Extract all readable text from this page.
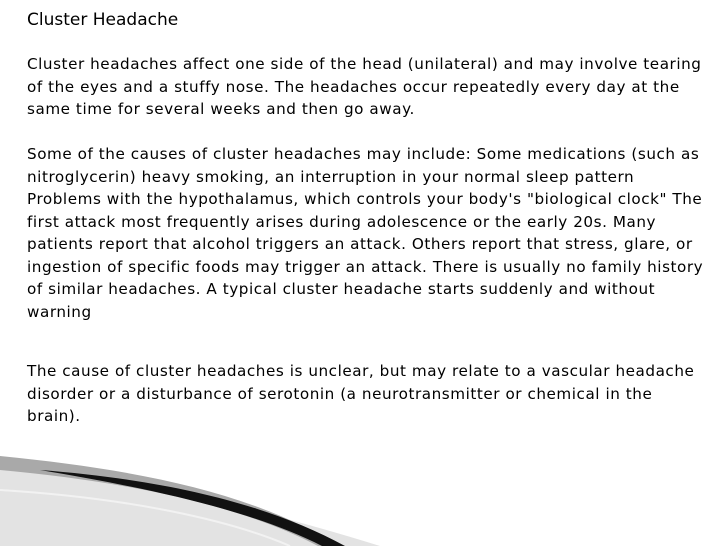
Cluster Headache

Cluster headaches affect one side of the head (unilateral) and may involve tearing of the eyes and a stuffy nose. The headaches occur repeatedly every day at the same time for several weeks and then go away.

Some of the causes of cluster headaches may include: Some medications (such as nitroglycerin) heavy smoking, an interruption in your normal sleep pattern Problems with the hypothalamus, which controls your body's "biological clock" The first attack most frequently arises during adolescence or the early 20s. Many patients report that alcohol triggers an attack. Others report that stress, glare, or ingestion of specific foods may trigger an attack. There is usually no family history of similar headaches. A typical cluster headache starts suddenly and without warning

The cause of cluster headaches is unclear, but may relate to a vascular headache disorder or a disturbance of serotonin (a neurotransmitter or chemical in the brain).
